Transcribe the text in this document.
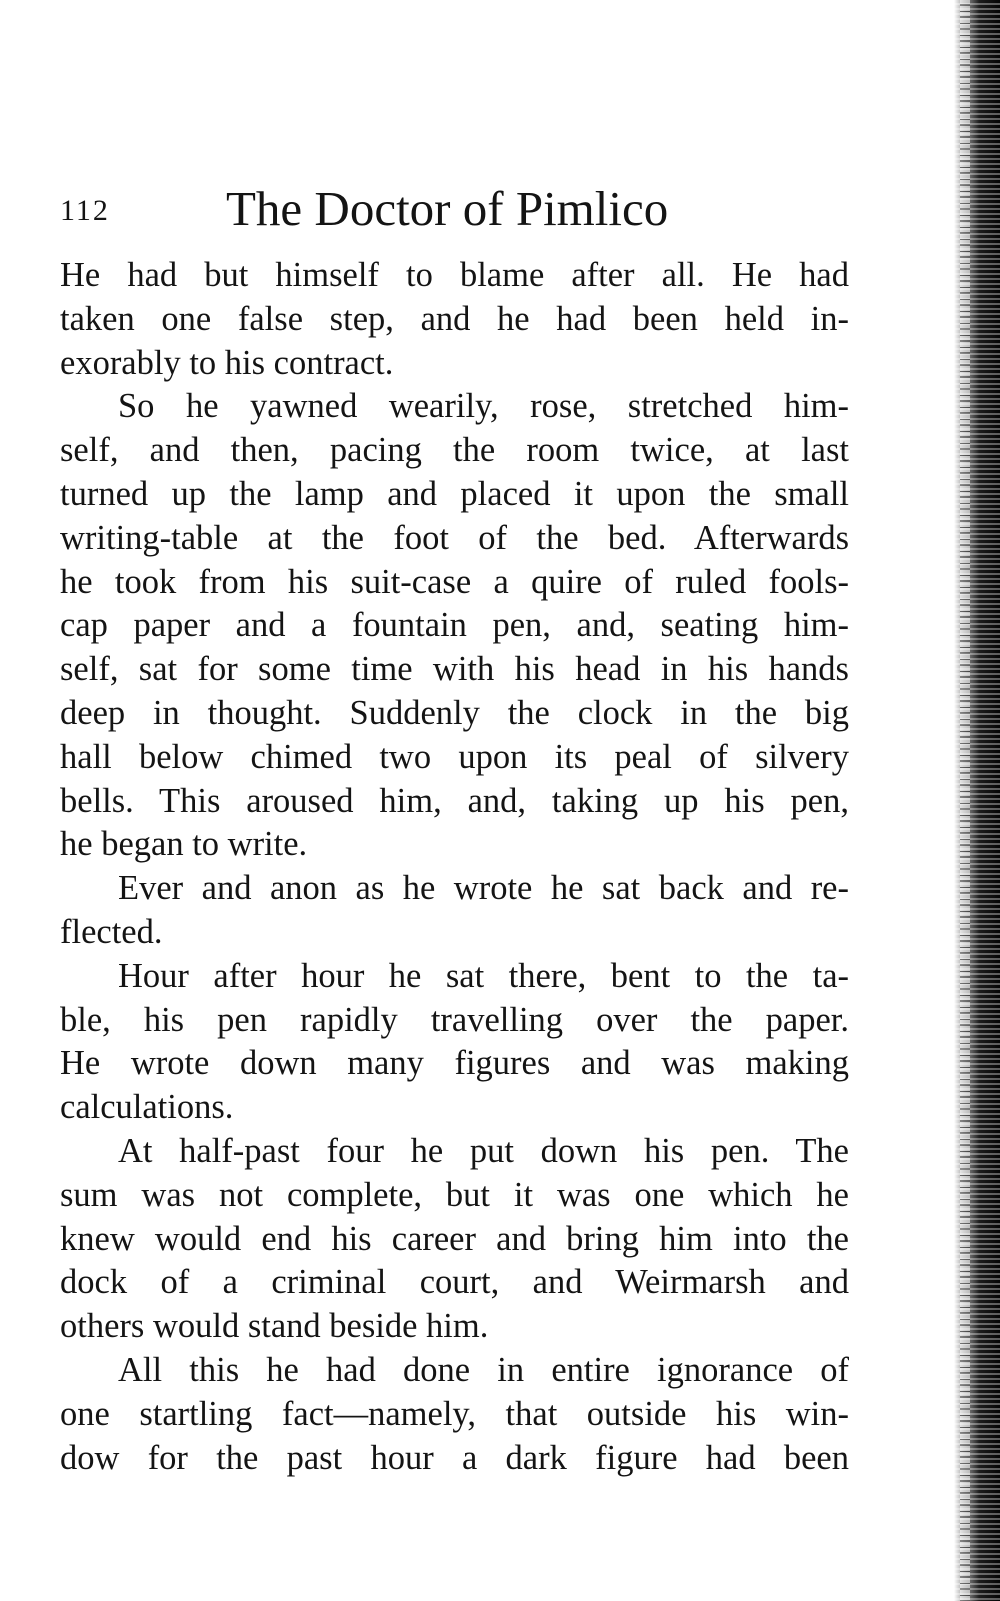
112 The Doctor of Pimlico
He had but himself to blame after all. He had
taken one false step, and he had been held in-
exorably to his contract.
So he yawned wearily, rose, stretched him-
self, and then, pacing the room twice, at last
turned up the lamp and placed it upon the small
writing-table at the foot of the bed. Afterwards
he took from his suit-case a quire of ruled fools-
cap paper and a fountain pen, and, seating him-
self, sat for some time with his head in his hands
deep in thought. Suddenly the clock in the big
hall below chimed two upon its peal of silvery
bells. This aroused him, and, taking up his pen,
he began to write.
Ever and anon as he wrote he sat back and re-
flected.
Hour after hour he sat there, bent to the ta-
ble, his pen rapidly travelling over the paper.
He wrote down many figures and was making
calculations.
At half-past four he put down his pen. The
sum was not complete, but it was one which he
knew would end his career and bring him into the
dock of a criminal court, and Weirmarsh and
others would stand beside him.
All this he had done in entire ignorance of
one startling fact—namely, that outside his win-
dow for the past hour a dark figure had been
